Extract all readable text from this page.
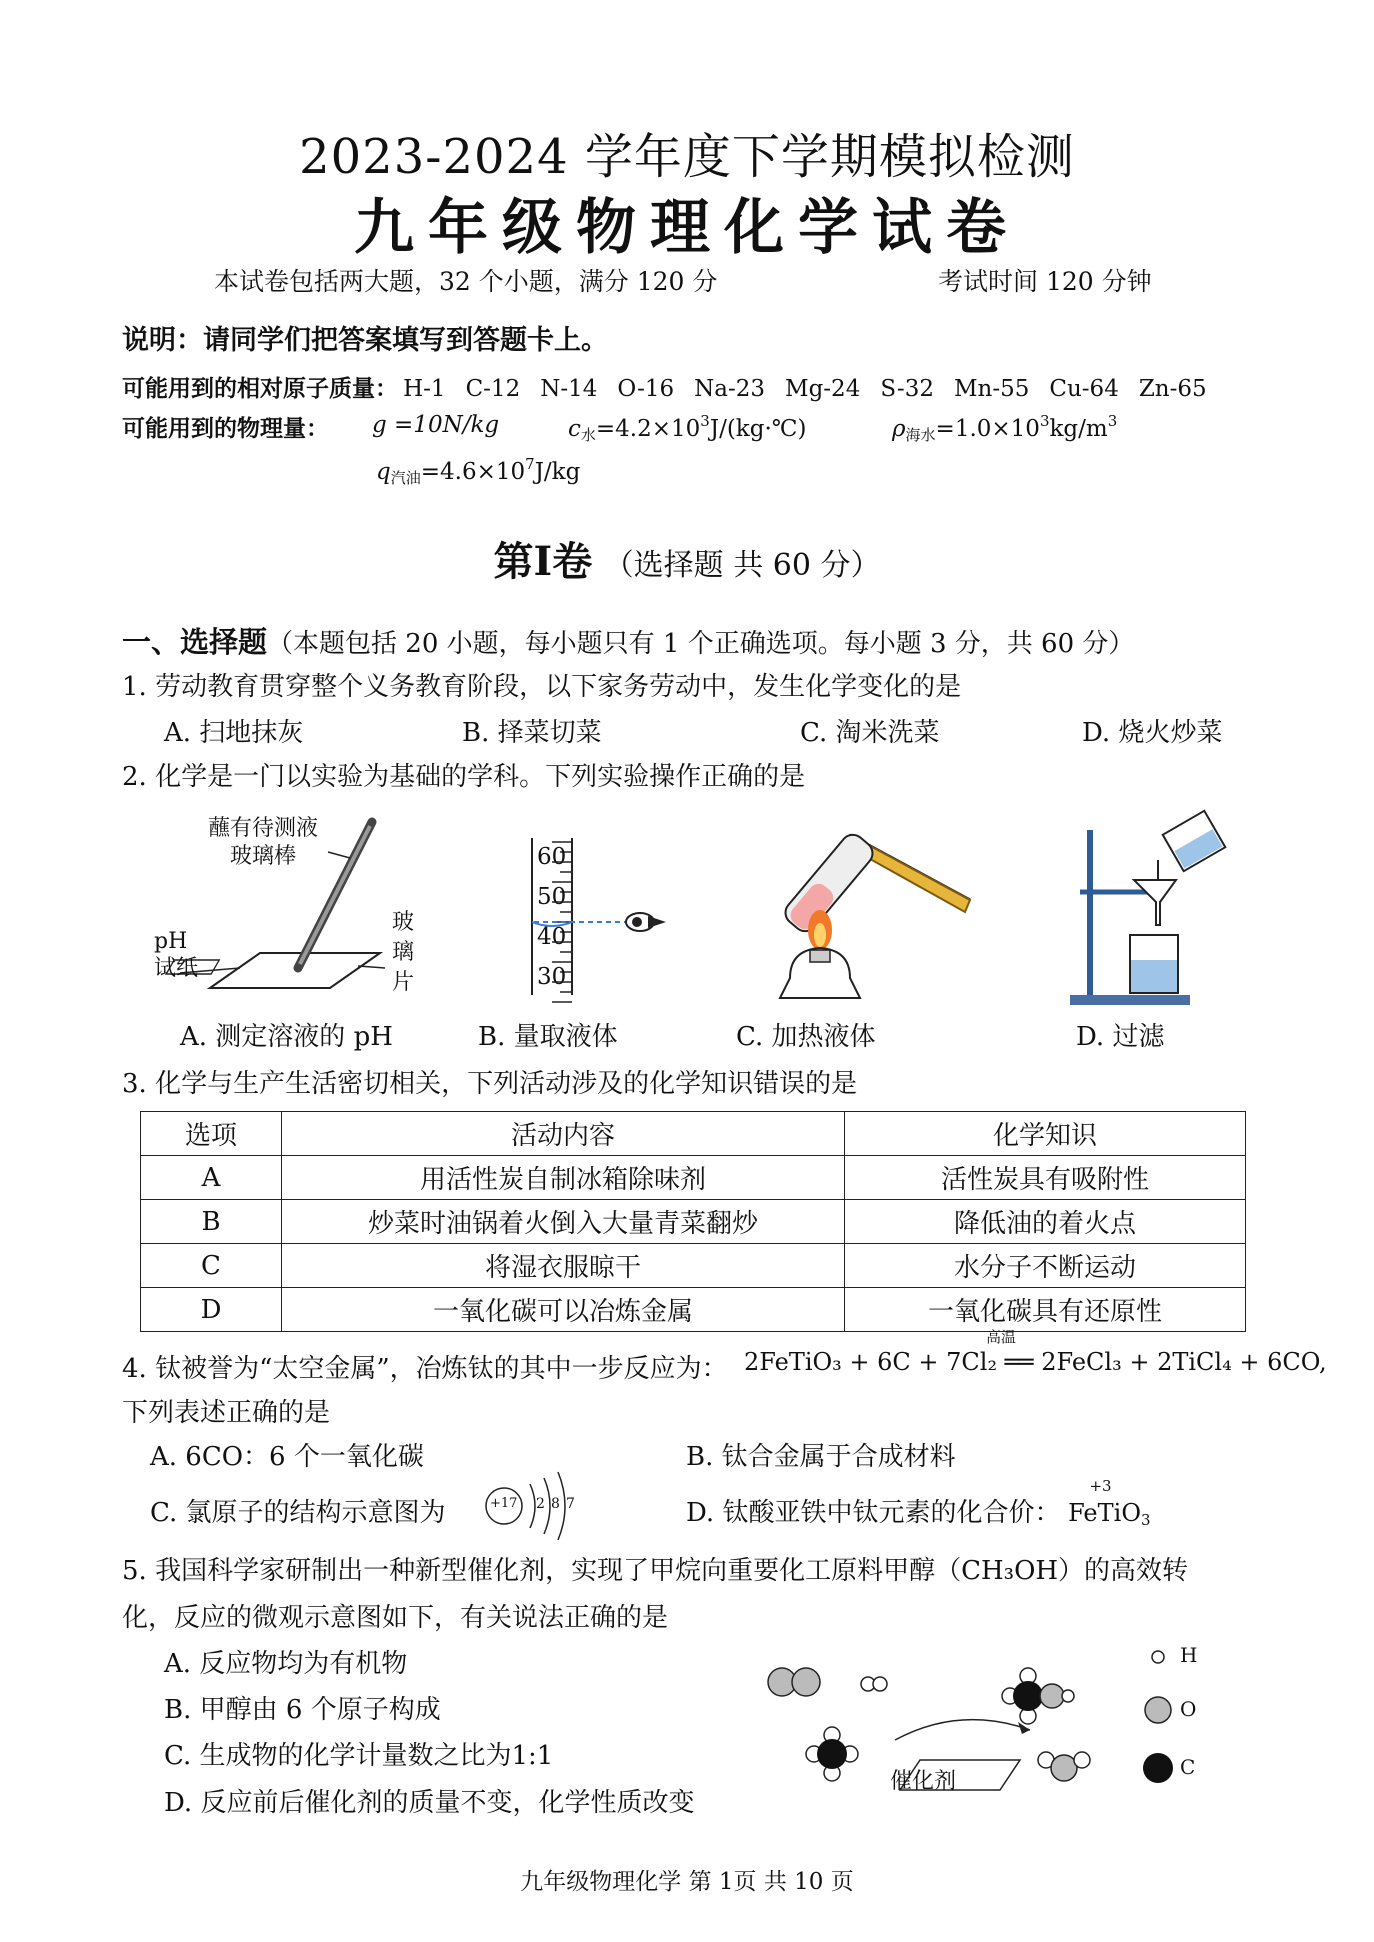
2023-2024 学年度下学期模拟检测
九年级物理化学试卷
本试卷包括两大题，32 个小题，满分 120 分	考试时间 120 分钟
说明：请同学们把答案填写到答题卡上。
可能用到的相对原子质量： H-1 C-12 N-14 O-16 Na-23 Mg-24 S-32 Mn-55 Cu-64 Zn-65
可能用到的物理量： g =10N/kg	$c_水=4.2\times 10^3J/(kg\cdot℃)$	$\rho_{海水}=1.0\times 10^3kg/m^3$
$q_{汽油}=4.6\times 10^7J/kg$
第Ⅰ卷 （选择题 共 60 分）
一、选择题（本题包括 20 小题，每小题只有 1 个正确选项。每小题 3 分，共 60 分）
1. 劳动教育贯穿整个义务教育阶段，以下家务劳动中，发生化学变化的是
A. 扫地抹灰	B. 择菜切菜	C. 淘米洗菜	D. 烧火炒菜
2. 化学是一门以实验为基础的学科。下列实验操作正确的是
蘸有待测液
玻璃棒
pH
试纸
玻
璃
片
60
50
40
30
A. 测定溶液的 pH	B. 量取液体	C. 加热液体	D. 过滤
3. 化学与生产生活密切相关，下列活动涉及的化学知识错误的是
选项	活动内容	化学知识
A	用活性炭自制冰箱除味剂	活性炭具有吸附性
B	炒菜时油锅着火倒入大量青菜翻炒	降低油的着火点
C	将湿衣服晾干	水分子不断运动
D	一氧化碳可以冶炼金属	一氧化碳具有还原性
4. 钛被誉为“太空金属”，冶炼钛的其中一步反应为： 2FeTiO₃ + 6C + 7Cl₂ ══ 2FeCl₃ + 2TiCl₄ + 6CO,
高温
下列表述正确的是
A. 6CO：6 个一氧化碳	B. 钛合金属于合成材料
C. 氯原子的结构示意图为	+17 2 8 7	D. 钛酸亚铁中钛元素的化合价：
+3
FeTiO$_3$
5. 我国科学家研制出一种新型催化剂，实现了甲烷向重要化工原料甲醇（CH₃OH）的高效转
化，反应的微观示意图如下，有关说法正确的是
A. 反应物均为有机物
B. 甲醇由 6 个原子构成
C. 生成物的化学计量数之比为1:1
D. 反应前后催化剂的质量不变，化学性质改变
催化剂
H
O
C
九年级物理化学 第 1页 共 10 页
